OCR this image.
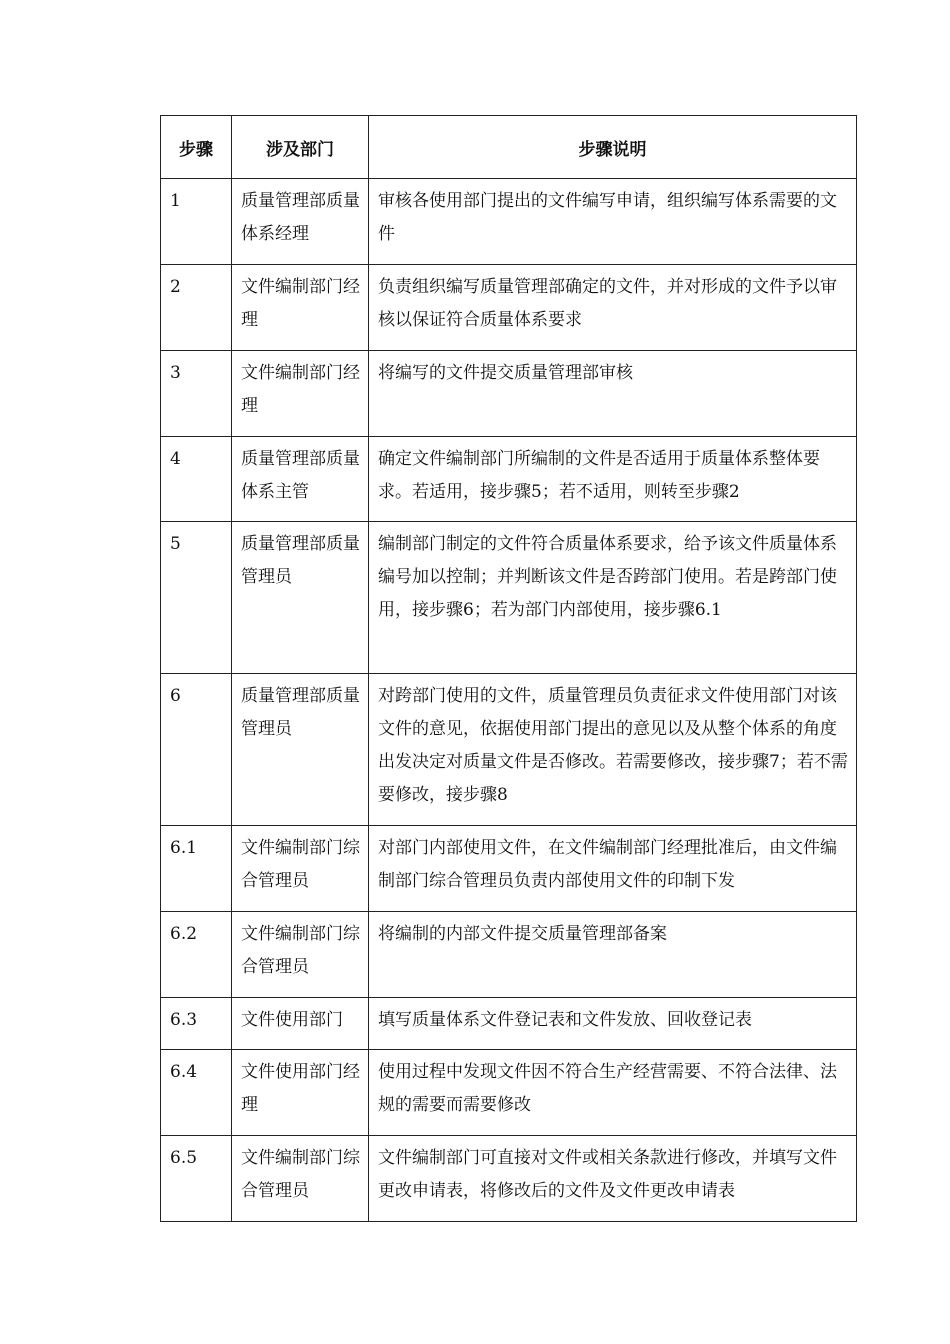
步骤	涉及部门	步骤说明

1	质量管理部质量体系经理	审核各使用部门提出的文件编写申请，组织编写体系需要的文件

2	文件编制部门经理	负责组织编写质量管理部确定的文件，并对形成的文件予以审核以保证符合质量体系要求

3	文件编制部门经理	将编写的文件提交质量管理部审核

4	质量管理部质量体系主管	确定文件编制部门所编制的文件是否适用于质量体系整体要求。若适用，接步骤5；若不适用，则转至步骤2

5	质量管理部质量管理员	编制部门制定的文件符合质量体系要求，给予该文件质量体系编号加以控制；并判断该文件是否跨部门使用。若是跨部门使用，接步骤6；若为部门内部使用，接步骤6.1

6	质量管理部质量管理员	对跨部门使用的文件，质量管理员负责征求文件使用部门对该文件的意见，依据使用部门提出的意见以及从整个体系的角度出发决定对质量文件是否修改。若需要修改，接步骤7；若不需要修改，接步骤8

6.1	文件编制部门综合管理员	对部门内部使用文件，在文件编制部门经理批准后，由文件编制部门综合管理员负责内部使用文件的印制下发

6.2	文件编制部门综合管理员	将编制的内部文件提交质量管理部备案

6.3	文件使用部门	填写质量体系文件登记表和文件发放、回收登记表

6.4	文件使用部门经理	使用过程中发现文件因不符合生产经营需要、不符合法律、法规的需要而需要修改

6.5	文件编制部门综合管理员	文件编制部门可直接对文件或相关条款进行修改，并填写文件更改申请表，将修改后的文件及文件更改申请表
